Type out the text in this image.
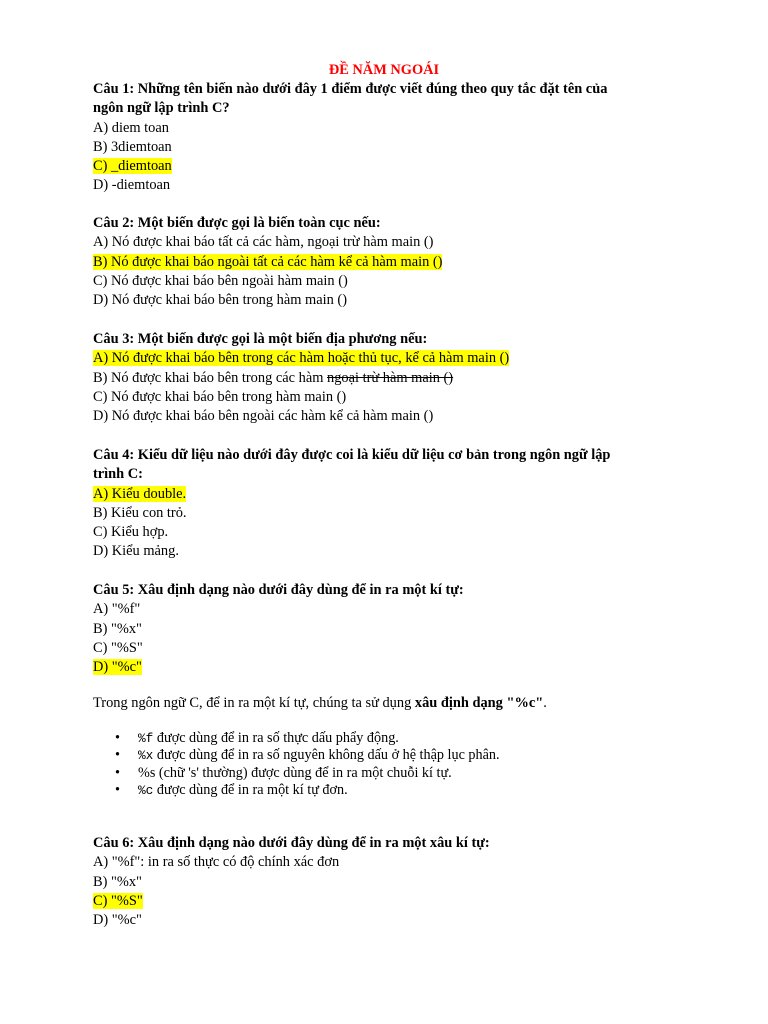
ĐỀ NĂM NGOÁI
Câu 1: Những tên biến nào dưới đây 1 điểm được viết đúng theo quy tắc đặt tên của
ngôn ngữ lập trình C?
A) diem toan
B) 3diemtoan
C) _diemtoan
D) -diemtoan
Câu 2: Một biến được gọi là biến toàn cục nếu:
A) Nó được khai báo tất cả các hàm, ngoại trừ hàm main ()
B) Nó được khai báo ngoài tất cả các hàm kể cả hàm main ()
C) Nó được khai báo bên ngoài hàm main ()
D) Nó được khai báo bên trong hàm main ()
Câu 3: Một biến được gọi là một biến địa phương nếu:
A) Nó được khai báo bên trong các hàm hoặc thủ tục, kể cả hàm main ()
B) Nó được khai báo bên trong các hàm ngoại trừ hàm main ()
C) Nó được khai báo bên trong hàm main ()
D) Nó được khai báo bên ngoài các hàm kể cả hàm main ()
Câu 4: Kiểu dữ liệu nào dưới đây được coi là kiểu dữ liệu cơ bản trong ngôn ngữ lập
trình C:
A) Kiểu double.
B) Kiểu con trỏ.
C) Kiểu hợp.
D) Kiểu mảng.
Câu 5: Xâu định dạng nào dưới đây dùng để in ra một kí tự:
A) "%f"
B) "%x"
C) "%S"
D) "%c"
Trong ngôn ngữ C, để in ra một kí tự, chúng ta sử dụng xâu định dạng "%c".
• %f được dùng để in ra số thực dấu phẩy động.
• %x được dùng để in ra số nguyên không dấu ở hệ thập lục phân.
• %s (chữ 's' thường) được dùng để in ra một chuỗi kí tự.
• %c được dùng để in ra một kí tự đơn.
Câu 6: Xâu định dạng nào dưới đây dùng để in ra một xâu kí tự:
A) "%f": in ra số thực có độ chính xác đơn
B) "%x"
C) "%S"
D) "%c"
